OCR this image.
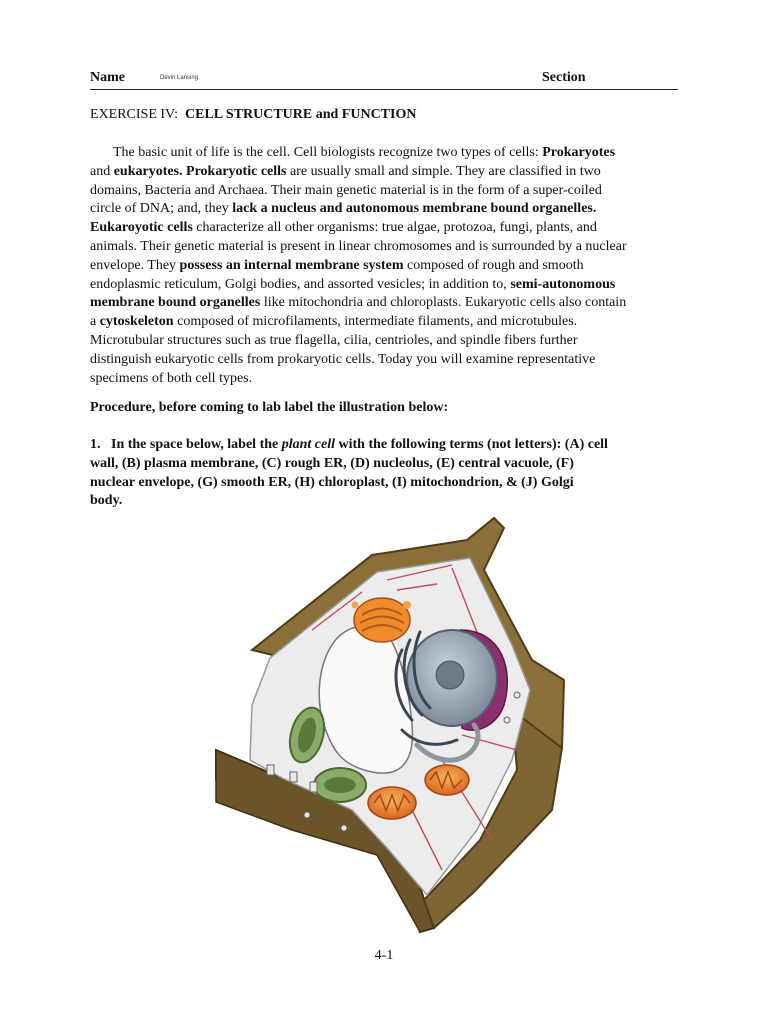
Name	Devin Lansing	Section
EXERCISE IV: CELL STRUCTURE and FUNCTION
The basic unit of life is the cell. Cell biologists recognize two types of cells: Prokaryotes
and eukaryotes. Prokaryotic cells are usually small and simple. They are classified in two
domains, Bacteria and Archaea. Their main genetic material is in the form of a super-coiled
circle of DNA; and, they lack a nucleus and autonomous membrane bound organelles.
Eukaroyotic cells characterize all other organisms: true algae, protozoa, fungi, plants, and
animals. Their genetic material is present in linear chromosomes and is surrounded by a nuclear
envelope. They possess an internal membrane system composed of rough and smooth
endoplasmic reticulum, Golgi bodies, and assorted vesicles; in addition to, semi-autonomous
membrane bound organelles like mitochondria and chloroplasts. Eukaryotic cells also contain
a cytoskeleton composed of microfilaments, intermediate filaments, and microtubules.
Microtubular structures such as true flagella, cilia, centrioles, and spindle fibers further
distinguish eukaryotic cells from prokaryotic cells. Today you will examine representative
specimens of both cell types.
Procedure, before coming to lab label the illustration below:
1. In the space below, label the plant cell with the following terms (not letters): (A) cell
wall, (B) plasma membrane, (C) rough ER, (D) nucleolus, (E) central vacuole, (F)
nuclear envelope, (G) smooth ER, (H) chloroplast, (I) mitochondrion, & (J) Golgi
body.
4-1
